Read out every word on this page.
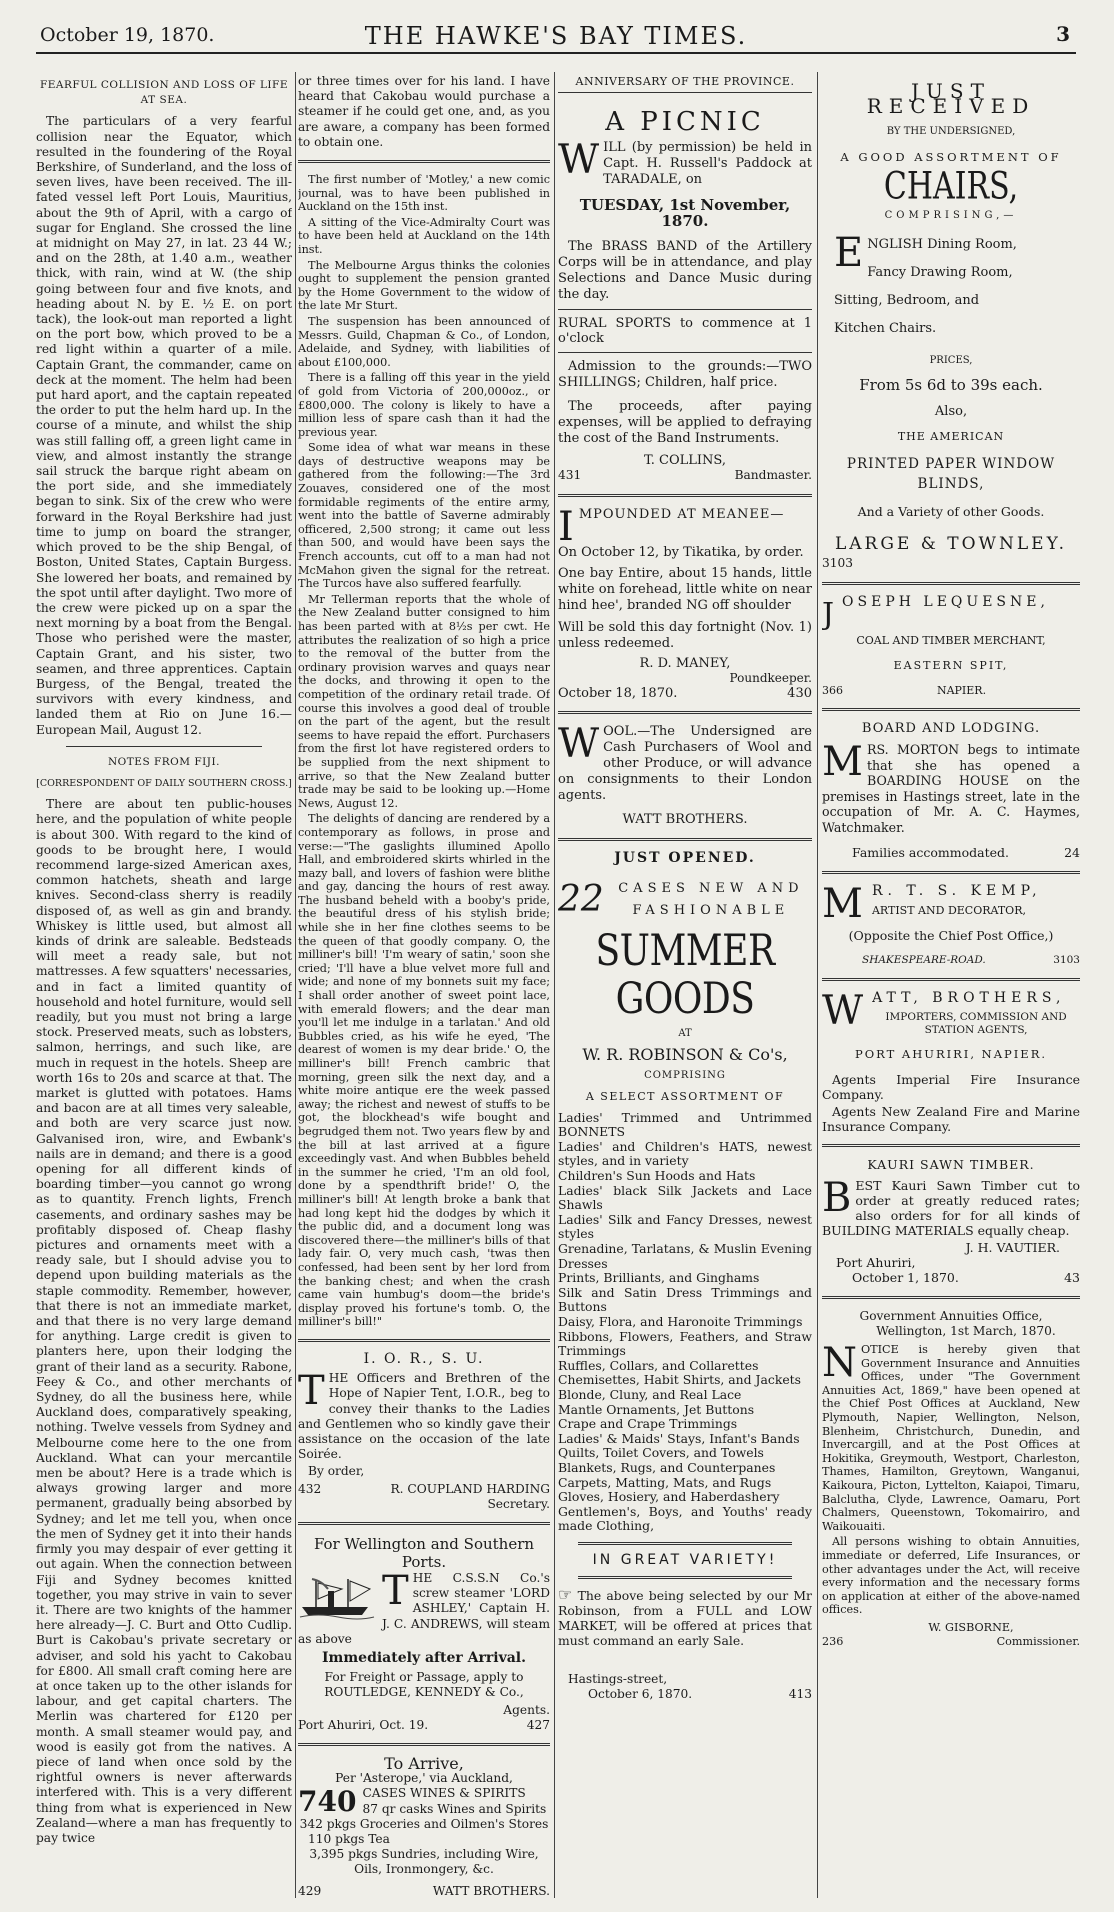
October 19, 1870.	THE HAWKE'S BAY TIMES.	3
FEARFUL COLLISION AND LOSS OF LIFE AT SEA.

The particulars of a very fearful collision near the Equator, which resulted in the foundering of the Royal Berkshire, of Sunderland, and the loss of seven lives, have been received. The ill-fated vessel left Port Louis, Mauritius, about the 9th of April, with a cargo of sugar for England. She crossed the line at midnight on May 27, in lat. 23 44 W.; and on the 28th, at 1.40 a.m., weather thick, with rain, wind at W. (the ship going between four and five knots, and heading about N. by E. ½ E. on port tack), the look-out man reported a light on the port bow, which proved to be a red light within a quarter of a mile. Captain Grant, the commander, came on deck at the moment. The helm had been put hard aport, and the captain repeated the order to put the helm hard up. In the course of a minute, and whilst the ship was still falling off, a green light came in view, and almost instantly the strange sail struck the barque right abeam on the port side, and she immediately began to sink. Six of the crew who were forward in the Royal Berkshire had just time to jump on board the stranger, which proved to be the ship Bengal, of Boston, United States, Captain Burgess. She lowered her boats, and remained by the spot until after daylight. Two more of the crew were picked up on a spar the next morning by a boat from the Bengal. Those who perished were the master, Captain Grant, and his sister, two seamen, and three apprentices. Captain Burgess, of the Bengal, treated the survivors with every kindness, and landed them at Rio on June 16.—European Mail, August 12.

NOTES FROM FIJI.
[CORRESPONDENT OF DAILY SOUTHERN CROSS.]

There are about ten public-houses here, and the population of white people is about 300. With regard to the kind of goods to be brought here, I would recommend large-sized American axes, common hatchets, sheath and large knives. Second-class sherry is readily disposed of, as well as gin and brandy. Whiskey is little used, but almost all kinds of drink are saleable. Bedsteads will meet a ready sale, but not mattresses. A few squatters' necessaries, and in fact a limited quantity of household and hotel furniture, would sell readily, but you must not bring a large stock. Preserved meats, such as lobsters, salmon, herrings, and such like, are much in request in the hotels. Sheep are worth 16s to 20s and scarce at that. The market is glutted with potatoes. Hams and bacon are at all times very saleable, and both are very scarce just now. Galvanised iron, wire, and Ewbank's nails are in demand; and there is a good opening for all different kinds of boarding timber—you cannot go wrong as to quantity. French lights, French casements, and ordinary sashes may be profitably disposed of. Cheap flashy pictures and ornaments meet with a ready sale, but I should advise you to depend upon building materials as the staple commodity. Remember, however, that there is not an immediate market, and that there is no very large demand for anything. Large credit is given to planters here, upon their lodging the grant of their land as a security. Rabone, Feey & Co., and other merchants of Sydney, do all the business here, while Auckland does, comparatively speaking, nothing. Twelve vessels from Sydney and Melbourne come here to the one from Auckland. What can your mercantile men be about? Here is a trade which is always growing larger and more permanent, gradually being absorbed by Sydney; and let me tell you, when once the men of Sydney get it into their hands firmly you may despair of ever getting it out again. When the connection between Fiji and Sydney becomes knitted together, you may strive in vain to sever it. There are two knights of the hammer here already—J. C. Burt and Otto Cudlip. Burt is Cakobau's private secretary or adviser, and sold his yacht to Cakobau for £800. All small craft coming here are at once taken up to the other islands for labour, and get capital charters. The Merlin was chartered for £120 per month. A small steamer would pay, and wood is easily got from the natives. A piece of land when once sold by the rightful owners is never afterwards interfered with. This is a very different thing from what is experienced in New Zealand—where a man has frequently to pay twice

or three times over for his land. I have heard that Cakobau would purchase a steamer if he could get one, and, as you are aware, a company has been formed to obtain one.

The first number of 'Motley,' a new comic journal, was to have been published in Auckland on the 15th inst.

A sitting of the Vice-Admiralty Court was to have been held at Auckland on the 14th inst.

The Melbourne Argus thinks the colonies ought to supplement the pension granted by the Home Government to the widow of the late Mr Sturt.

The suspension has been announced of Messrs. Guild, Chapman & Co., of London, Adelaide, and Sydney, with liabilities of about £100,000.

There is a falling off this year in the yield of gold from Victoria of 200,000oz., or £800,000. The colony is likely to have a million less of spare cash than it had the previous year.

Some idea of what war means in these days of destructive weapons may be gathered from the following:—The 3rd Zouaves, considered one of the most formidable regiments of the entire army, went into the battle of Saverne admirably officered, 2,500 strong; it came out less than 500, and would have been says the French accounts, cut off to a man had not McMahon given the signal for the retreat. The Turcos have also suffered fearfully.

Mr Tellerman reports that the whole of the New Zealand butter consigned to him has been parted with at 8½s per cwt. He attributes the realization of so high a price to the removal of the butter from the ordinary provision warves and quays near the docks, and throwing it open to the competition of the ordinary retail trade. Of course this involves a good deal of trouble on the part of the agent, but the result seems to have repaid the effort. Purchasers from the first lot have registered orders to be supplied from the next shipment to arrive, so that the New Zealand butter trade may be said to be looking up.—Home News, August 12.

The delights of dancing are rendered by a contemporary as follows, in prose and verse:—"The gaslights illumined Apollo Hall, and embroidered skirts whirled in the mazy ball, and lovers of fashion were blithe and gay, dancing the hours of rest away. The husband beheld with a booby's pride, the beautiful dress of his stylish bride; while she in her fine clothes seems to be the queen of that goodly company. O, the milliner's bill! 'I'm weary of satin,' soon she cried; 'I'll have a blue velvet more full and wide; and none of my bonnets suit my face; I shall order another of sweet point lace, with emerald flowers; and the dear man you'll let me indulge in a tarlatan.' And old Bubbles cried, as his wife he eyed, 'The dearest of women is my dear bride.' O, the milliner's bill! French cambric that morning, green silk the next day, and a white moire antique ere the week passed away; the richest and newest of stuffs to be got, the blockhead's wife bought and begrudged them not. Two years flew by and the bill at last arrived at a figure exceedingly vast. And when Bubbles beheld in the summer he cried, 'I'm an old fool, done by a spendthrift bride!' O, the milliner's bill! At length broke a bank that had long kept hid the dodges by which it the public did, and a document long was discovered there—the milliner's bills of that lady fair. O, very much cash, 'twas then confessed, had been sent by her lord from the banking chest; and when the crash came vain humbug's doom—the bride's display proved his fortune's tomb. O, the milliner's bill!"

I. O. R., S. U.

THE Officers and Brethren of the Hope of Napier Tent, I.O.R., beg to convey their thanks to the Ladies and Gentlemen who so kindly gave their assistance on the occasion of the late Soirée.

By order,

432	R. COUPLAND HARDING
Secretary.
For Wellington and Southern Ports.

THE C.S.S.N Co.'s screw steamer 'LORD ASHLEY,' Captain H. J. C. ANDREWS, will steam as above

Immediately after Arrival.

For Freight or Passage, apply to ROUTLEDGE, KENNEDY & Co.,

Agents.
Port Ahuriri, Oct. 19.	427
To Arrive,
Per 'Asterope,' via Auckland,
740 CASES WINES & SPIRITS
87 qr casks Wines and Spirits
342 pkgs Groceries and Oilmen's Stores
110 pkgs Tea
3,395 pkgs Sundries, including Wire, Oils, Ironmongery, &c.
429	WATT BROTHERS.
ANNIVERSARY OF THE PROVINCE.
A PICNIC

WILL (by permission) be held in Capt. H. Russell's Paddock at TARADALE, on

TUESDAY, 1st November, 1870.

The BRASS BAND of the Artillery Corps will be in attendance, and play Selections and Dance Music during the day.

RURAL SPORTS to commence at 1 o'clock

Admission to the grounds:—TWO SHILLINGS; Children, half price.

The proceeds, after paying expenses, will be applied to defraying the cost of the Band Instruments.

T. COLLINS,
431	Bandmaster.

IMPOUNDED AT MEANEE—

On October 12, by Tikatika, by order.

One bay Entire, about 15 hands, little white on forehead, little white on near hind hee', branded NG off shoulder

Will be sold this day fortnight (Nov. 1) unless redeemed.

R. D. MANEY,
Poundkeeper.
October 18, 1870.	430

WOOL.—The Undersigned are Cash Purchasers of Wool and other Produce, or will advance on consignments to their London agents.

WATT BROTHERS.
JUST OPENED.
22	CASES NEW AND
FASHIONABLE
SUMMER GOODS
AT
W. R. ROBINSON & Co's,
COMPRISING
A SELECT ASSORTMENT OF
Ladies' Trimmed and Untrimmed BONNETS
Ladies' and Children's HATS, newest styles, and in variety
Children's Sun Hoods and Hats
Ladies' black Silk Jackets and Lace Shawls
Ladies' Silk and Fancy Dresses, newest styles
Grenadine, Tarlatans, & Muslin Evening Dresses
Prints, Brilliants, and Ginghams
Silk and Satin Dress Trimmings and Buttons
Daisy, Flora, and Haronoite Trimmings
Ribbons, Flowers, Feathers, and Straw Trimmings
Ruffles, Collars, and Collarettes
Chemisettes, Habit Shirts, and Jackets
Blonde, Cluny, and Real Lace
Mantle Ornaments, Jet Buttons
Crape and Crape Trimmings
Ladies' & Maids' Stays, Infant's Bands
Quilts, Toilet Covers, and Towels
Blankets, Rugs, and Counterpanes
Carpets, Matting, Mats, and Rugs
Gloves, Hosiery, and Haberdashery
Gentlemen's, Boys, and Youths' ready made Clothing,
IN GREAT VARIETY!

☞ The above being selected by our Mr Robinson, from a FULL and LOW MARKET, will be offered at prices that must command an early Sale.

Hastings-street,
October 6, 1870.	413
JUST RECEIVED
BY THE UNDERSIGNED,
A GOOD ASSORTMENT OF
CHAIRS,
COMPRISING,—
E NGLISH Dining Room,
Fancy Drawing Room,
Sitting, Bedroom, and
Kitchen Chairs.
PRICES,
From 5s 6d to 39s each.
Also,
THE AMERICAN
PRINTED PAPER WINDOW BLINDS,
And a Variety of other Goods.
LARGE & TOWNLEY.
3103
JOSEPH LEQUESNE,
COAL AND TIMBER MERCHANT,
EASTERN SPIT,
366	NAPIER.
BOARD AND LODGING.

MRS. MORTON begs to intimate that she has opened a BOARDING HOUSE on the premises in Hastings street, late in the occupation of Mr. A. C. Haymes, Watchmaker.

Families accommodated.	24
M R. T. S. KEMP,
ARTIST AND DECORATOR,
(Opposite the Chief Post Office,)
SHAKESPEARE-ROAD.	3103
WATT, BROTHERS,
IMPORTERS, COMMISSION AND STATION AGENTS,
PORT AHURIRI, NAPIER.

Agents Imperial Fire Insurance Company.

Agents New Zealand Fire and Marine Insurance Company.

KAURI SAWN TIMBER.

BEST Kauri Sawn Timber cut to order at greatly reduced rates; also orders for for all kinds of BUILDING MATERIALS equally cheap.

J. H. VAUTIER.
Port Ahuriri,
October 1, 1870.	43
Government Annuities Office,
Wellington, 1st March, 1870.

NOTICE is hereby given that Government Insurance and Annuities Offices, under "The Government Annuities Act, 1869," have been opened at the Chief Post Offices at Auckland, New Plymouth, Napier, Wellington, Nelson, Blenheim, Christchurch, Dunedin, and Invercargill, and at the Post Offices at Hokitika, Greymouth, Westport, Charleston, Thames, Hamilton, Greytown, Wanganui, Kaikoura, Picton, Lyttelton, Kaiapoi, Timaru, Balclutha, Clyde, Lawrence, Oamaru, Port Chalmers, Queenstown, Tokomairiro, and Waikouaiti.

All persons wishing to obtain Annuities, immediate or deferred, Life Insurances, or other advantages under the Act, will receive every information and the necessary forms on application at either of the above-named offices.

W. GISBORNE,
236	Commissioner.
